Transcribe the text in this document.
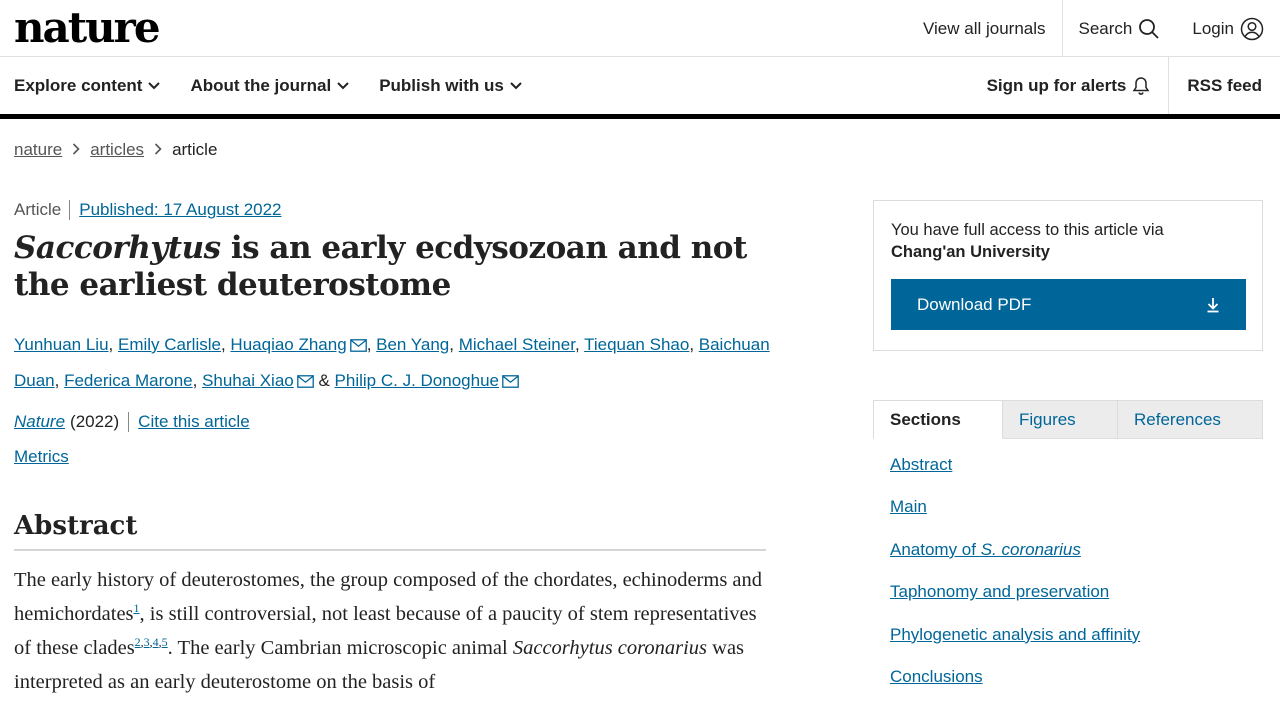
nature	View all journals Search	Login
Explore content	About the journal	Publish with us	Sign up for alerts	RSS feed
nature articles article
Article	Published: 17 August 2022
Saccorhytus is an early ecdysozoan and not the earliest deuterostome
Yunhuan Liu, Emily Carlisle, Huaqiao Zhang , Ben Yang, Michael Steiner, Tiequan Shao, Baichuan Duan, Federica Marone, Shuhai Xiao & Philip C. J. Donoghue
Nature (2022)	Cite this article
Metrics
Abstract

The early history of deuterostomes, the group composed of the chordates, echinoderms and hemichordates$^1$, is still controversial, not least because of a paucity of stem representatives of these clades$^{2,3,4,5}$. The early Cambrian microscopic animal Saccorhytus coronarius was interpreted as an early deuterostome on the basis of

You have full access to this article via
Chang'an University
Download PDF
Sections	Figures	References
Abstract
Main
Anatomy of S. coronarius
Taphonomy and preservation
Phylogenetic analysis and affinity
Conclusions
